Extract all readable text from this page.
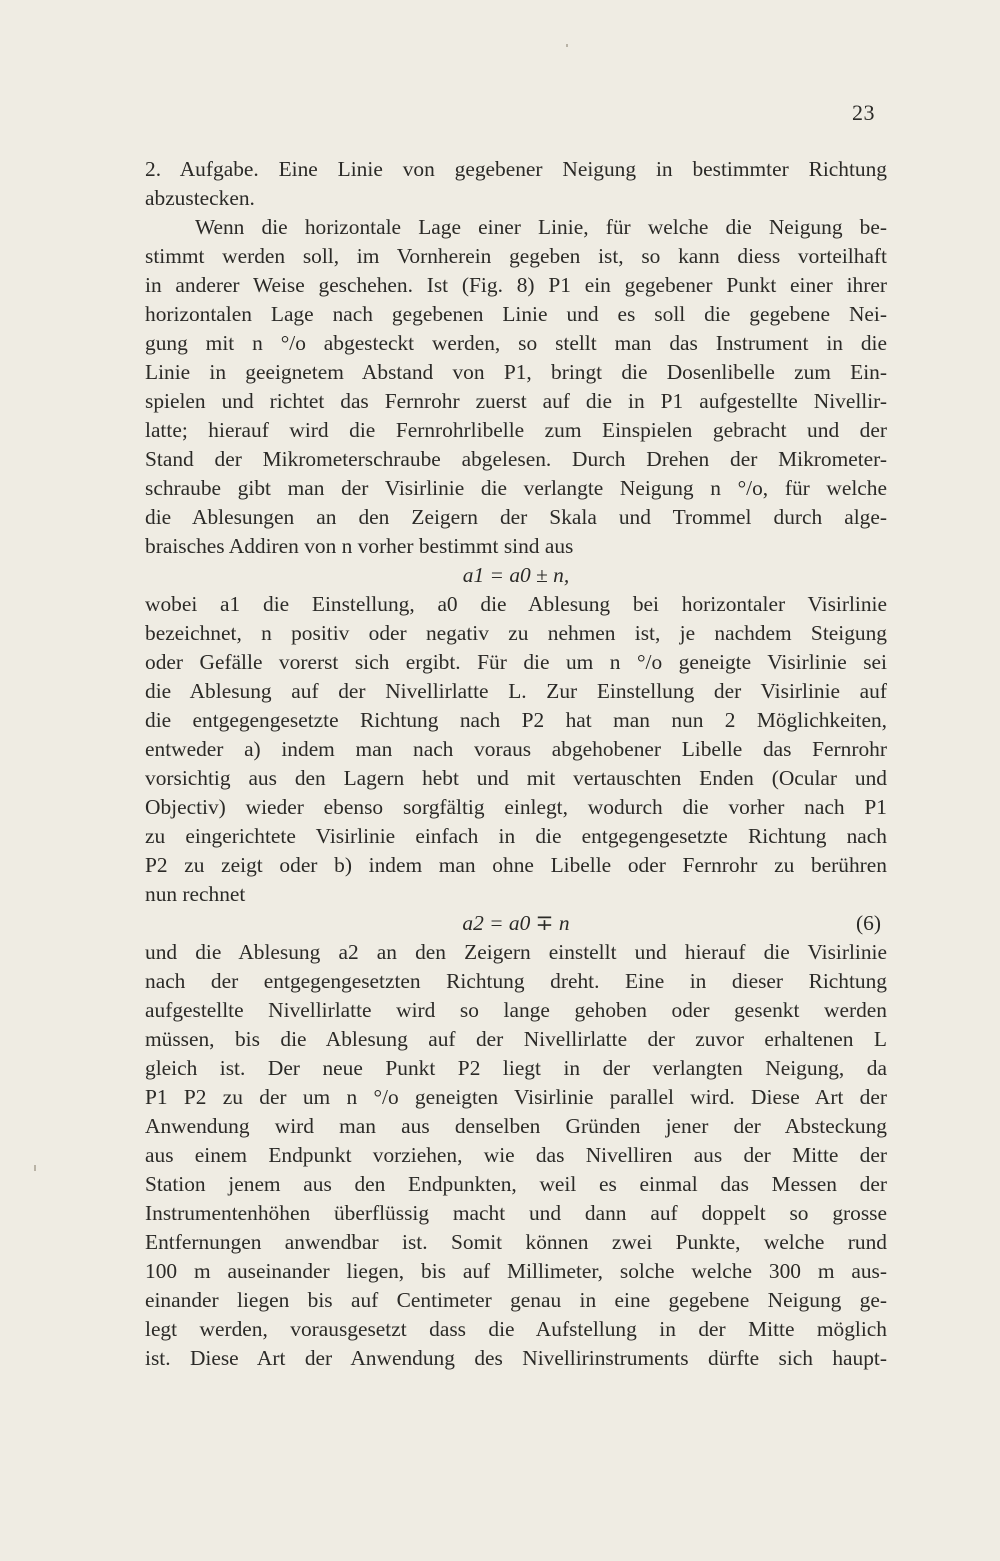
23
2. Aufgabe. Eine Linie von gegebener Neigung in bestimmter Richtung
abzustecken.
Wenn die horizontale Lage einer Linie, für welche die Neigung be-
stimmt werden soll, im Vornherein gegeben ist, so kann diess vorteilhaft
in anderer Weise geschehen. Ist (Fig. 8) P1 ein gegebener Punkt einer ihrer
horizontalen Lage nach gegebenen Linie und es soll die gegebene Nei-
gung mit n °/o abgesteckt werden, so stellt man das Instrument in die
Linie in geeignetem Abstand von P1, bringt die Dosenlibelle zum Ein-
spielen und richtet das Fernrohr zuerst auf die in P1 aufgestellte Nivellir-
latte; hierauf wird die Fernrohrlibelle zum Einspielen gebracht und der
Stand der Mikrometerschraube abgelesen. Durch Drehen der Mikrometer-
schraube gibt man der Visirlinie die verlangte Neigung n °/o, für welche
die Ablesungen an den Zeigern der Skala und Trommel durch alge-
braisches Addiren von n vorher bestimmt sind aus
a1 = a0 ± n,
wobei a1 die Einstellung, a0 die Ablesung bei horizontaler Visirlinie
bezeichnet, n positiv oder negativ zu nehmen ist, je nachdem Steigung
oder Gefälle vorerst sich ergibt. Für die um n °/o geneigte Visirlinie sei
die Ablesung auf der Nivellirlatte L. Zur Einstellung der Visirlinie auf
die entgegengesetzte Richtung nach P2 hat man nun 2 Möglichkeiten,
entweder a) indem man nach voraus abgehobener Libelle das Fernrohr
vorsichtig aus den Lagern hebt und mit vertauschten Enden (Ocular und
Objectiv) wieder ebenso sorgfältig einlegt, wodurch die vorher nach P1
zu eingerichtete Visirlinie einfach in die entgegengesetzte Richtung nach
P2 zu zeigt oder b) indem man ohne Libelle oder Fernrohr zu berühren
nun rechnet
a2 = a0 ∓ n	(6)
und die Ablesung a2 an den Zeigern einstellt und hierauf die Visirlinie
nach der entgegengesetzten Richtung dreht. Eine in dieser Richtung
aufgestellte Nivellirlatte wird so lange gehoben oder gesenkt werden
müssen, bis die Ablesung auf der Nivellirlatte der zuvor erhaltenen L
gleich ist. Der neue Punkt P2 liegt in der verlangten Neigung, da
P1 P2 zu der um n °/o geneigten Visirlinie parallel wird. Diese Art der
Anwendung wird man aus denselben Gründen jener der Absteckung
aus einem Endpunkt vorziehen, wie das Nivelliren aus der Mitte der
Station jenem aus den Endpunkten, weil es einmal das Messen der
Instrumentenhöhen überflüssig macht und dann auf doppelt so grosse
Entfernungen anwendbar ist. Somit können zwei Punkte, welche rund
100 m auseinander liegen, bis auf Millimeter, solche welche 300 m aus-
einander liegen bis auf Centimeter genau in eine gegebene Neigung ge-
legt werden, vorausgesetzt dass die Aufstellung in der Mitte möglich
ist. Diese Art der Anwendung des Nivellirinstruments dürfte sich haupt-
